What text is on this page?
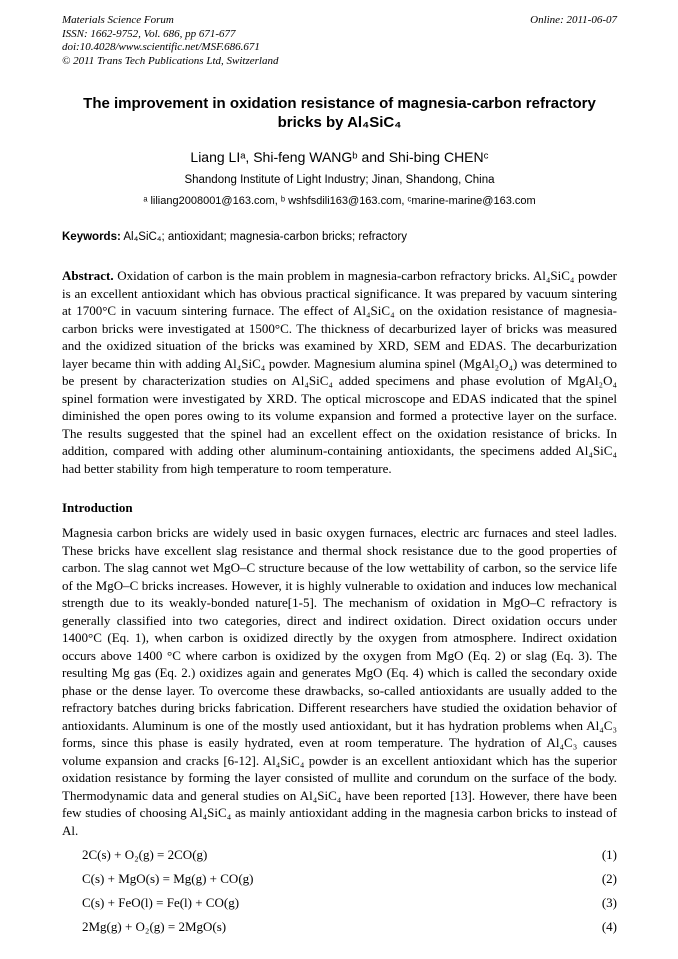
Materials Science Forum
ISSN: 1662-9752, Vol. 686, pp 671-677
doi:10.4028/www.scientific.net/MSF.686.671
© 2011 Trans Tech Publications Ltd, Switzerland
Online: 2011-06-07
The improvement in oxidation resistance of magnesia-carbon refractory bricks by Al₄SiC₄
Liang LIᵃ, Shi-feng WANGᵇ and Shi-bing CHENᶜ
Shandong Institute of Light Industry; Jinan, Shandong, China
ᵃ liliang2008001@163.com, ᵇ wshfsdili163@163.com, ᶜmarine-marine@163.com
Keywords: Al₄SiC₄; antioxidant; magnesia-carbon bricks; refractory
Abstract. Oxidation of carbon is the main problem in magnesia-carbon refractory bricks. Al₄SiC₄ powder is an excellent antioxidant which has obvious practical significance. It was prepared by vacuum sintering at 1700°C in vacuum sintering furnace. The effect of Al₄SiC₄ on the oxidation resistance of magnesia-carbon bricks were investigated at 1500°C. The thickness of decarburized layer of bricks was measured and the oxidized situation of the bricks was examined by XRD, SEM and EDAS. The decarburization layer became thin with adding Al₄SiC₄ powder. Magnesium alumina spinel (MgAl₂O₄) was determined to be present by characterization studies on Al₄SiC₄ added specimens and phase evolution of MgAl₂O₄ spinel formation were investigated by XRD. The optical microscope and EDAS indicated that the spinel diminished the open pores owing to its volume expansion and formed a protective layer on the surface. The results suggested that the spinel had an excellent effect on the oxidation resistance of bricks. In addition, compared with adding other aluminum-containing antioxidants, the specimens added Al₄SiC₄ had better stability from high temperature to room temperature.
Introduction
Magnesia carbon bricks are widely used in basic oxygen furnaces, electric arc furnaces and steel ladles. These bricks have excellent slag resistance and thermal shock resistance due to the good properties of carbon. The slag cannot wet MgO–C structure because of the low wettability of carbon, so the service life of the MgO–C bricks increases. However, it is highly vulnerable to oxidation and induces low mechanical strength due to its weakly-bonded nature[1-5]. The mechanism of oxidation in MgO–C refractory is generally classified into two categories, direct and indirect oxidation. Direct oxidation occurs under 1400°C (Eq. 1), when carbon is oxidized directly by the oxygen from atmosphere. Indirect oxidation occurs above 1400 °C where carbon is oxidized by the oxygen from MgO (Eq. 2) or slag (Eq. 3). The resulting Mg gas (Eq. 2.) oxidizes again and generates MgO (Eq. 4) which is called the secondary oxide phase or the dense layer. To overcome these drawbacks, so-called antioxidants are usually added to the refractory batches during bricks fabrication. Different researchers have studied the oxidation behavior of antioxidants. Aluminum is one of the mostly used antioxidant, but it has hydration problems when Al₄C₃ forms, since this phase is easily hydrated, even at room temperature. The hydration of Al₄C₃ causes volume expansion and cracks [6-12]. Al₄SiC₄ powder is an excellent antioxidant which has the superior oxidation resistance by forming the layer consisted of mullite and corundum on the surface of the body. Thermodynamic data and general studies on Al₄SiC₄ have been reported [13]. However, there have been few studies of choosing Al₄SiC₄ as mainly antioxidant adding in the magnesia carbon bricks to instead of Al.
2C(s) + O₂(g) = 2CO(g)	(1)
C(s) + MgO(s) = Mg(g) + CO(g)	(2)
C(s) + FeO(l) = Fe(l) + CO(g)	(3)
2Mg(g) + O₂(g) = 2MgO(s)	(4)
